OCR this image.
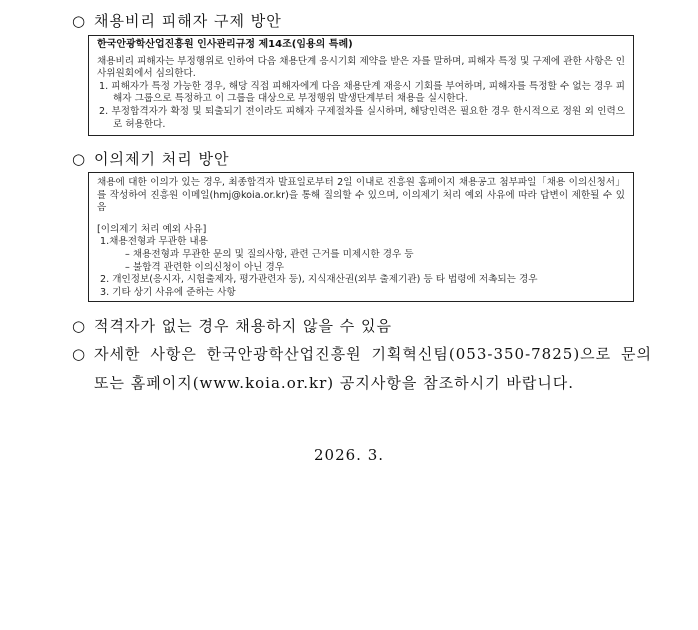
○ 채용비리 피해자 구제 방안
한국안광학산업진흥원 인사관리규정 제14조(임용의 특례)

채용비리 피해자는 부정행위로 인하여 다음 채용단계 응시기회 제약을 받은 자를 말하며, 피해자 특정 및 구제에 관한 사항은 인사위원회에서 심의한다.

1. 피해자가 특정 가능한 경우, 해당 직접 피해자에게 다음 채용단계 재응시 기회를 부여하며, 피해자를 특정할 수 없는 경우 피해자 그룹으로 특정하고 이 그룹을 대상으로 부정행위 발생단계부터 채용을 실시한다.

2. 부정합격자가 확정 및 퇴출되기 전이라도 피해자 구제절차를 실시하며, 해당인력은 필요한 경우 한시적으로 정원 외 인력으로 허용한다.

○ 이의제기 처리 방안

채용에 대한 이의가 있는 경우, 최종합격자 발표일로부터 2일 이내로 진흥원 홈페이지 채용공고 첨부파일「채용 이의신청서」를 작성하여 진흥원 이메일(hmj@koia.or.kr)을 통해 질의할 수 있으며, 이의제기 처리 예외 사유에 따라 답변이 제한될 수 있음

[이의제기 처리 예외 사유]

1.채용전형과 무관한 내용

– 채용전형과 무관한 문의 및 질의사항, 관련 근거를 미제시한 경우 등

– 불합격 관련한 이의신청이 아닌 경우

2. 개인정보(응시자, 시험출제자, 평가관련자 등), 지식재산권(외부 출제기관) 등 타 법령에 저촉되는 경우

3. 기타 상기 사유에 준하는 사항

○ 적격자가 없는 경우 채용하지 않을 수 있음
○ 자세한 사항은 한국안광학산업진흥원 기획혁신팀(053-350-7825)으로 문의 또는 홈페이지(www.koia.or.kr) 공지사항을 참조하시기 바랍니다.
2026. 3.
